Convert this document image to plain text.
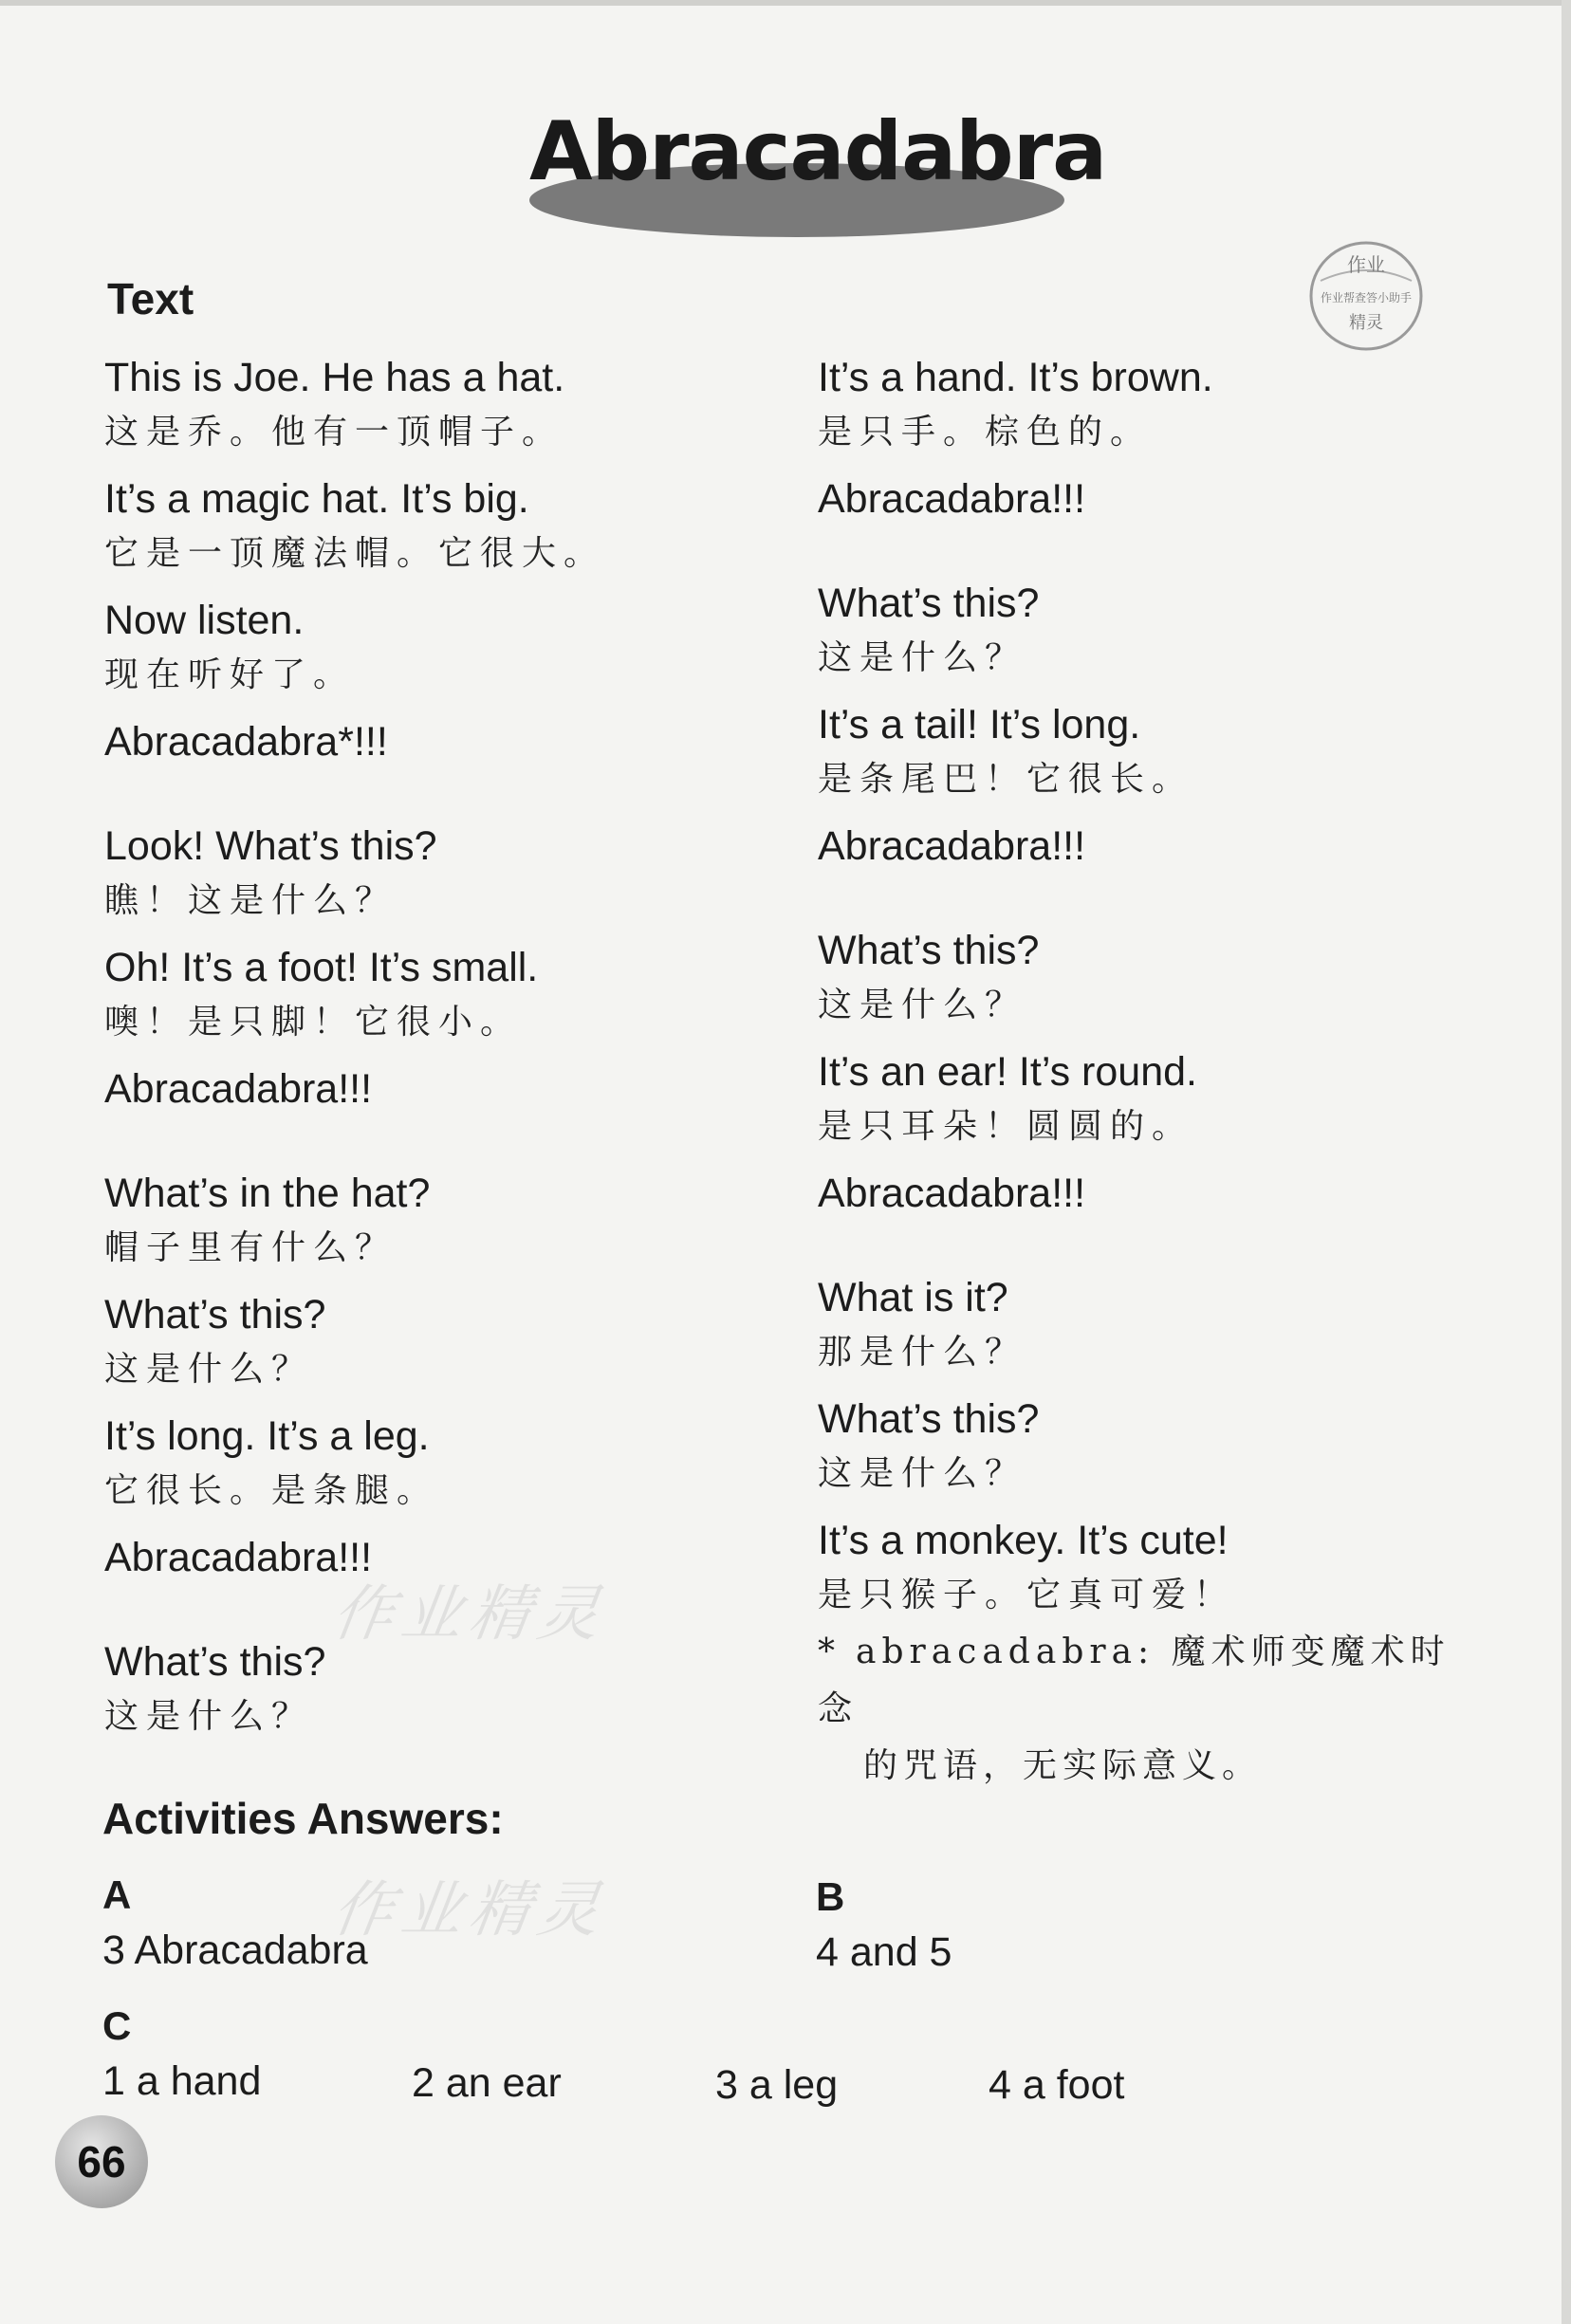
Abracadabra
作业
作业帮查答小助手
精灵
Text
This is Joe. He has a hat.
这是乔。他有一顶帽子。
It’s a magic hat. It’s big.
它是一顶魔法帽。它很大。
Now listen.
现在听好了。
Abracadabra*!!!
Look! What’s this?
瞧！这是什么？
Oh! It’s a foot! It’s small.
噢！是只脚！它很小。
Abracadabra!!!
What’s in the hat?
帽子里有什么？
What’s this?
这是什么？
It’s long. It’s a leg.
它很长。是条腿。
Abracadabra!!!
What’s this?
这是什么？
It’s a hand. It’s brown.
是只手。棕色的。
Abracadabra!!!
What’s this?
这是什么？
It’s a tail! It’s long.
是条尾巴！它很长。
Abracadabra!!!
What’s this?
这是什么？
It’s an ear! It’s round.
是只耳朵！圆圆的。
Abracadabra!!!
What is it?
那是什么？
What’s this?
这是什么？
It’s a monkey. It’s cute!
是只猴子。它真可爱！
* abracadabra: 魔术师变魔术时念
的咒语，无实际意义。
作业精灵
作业精灵
Activities Answers:
A
3 Abracadabra
B
4 and 5
C
1 a hand	2 an ear	3 a leg	4 a foot
66
